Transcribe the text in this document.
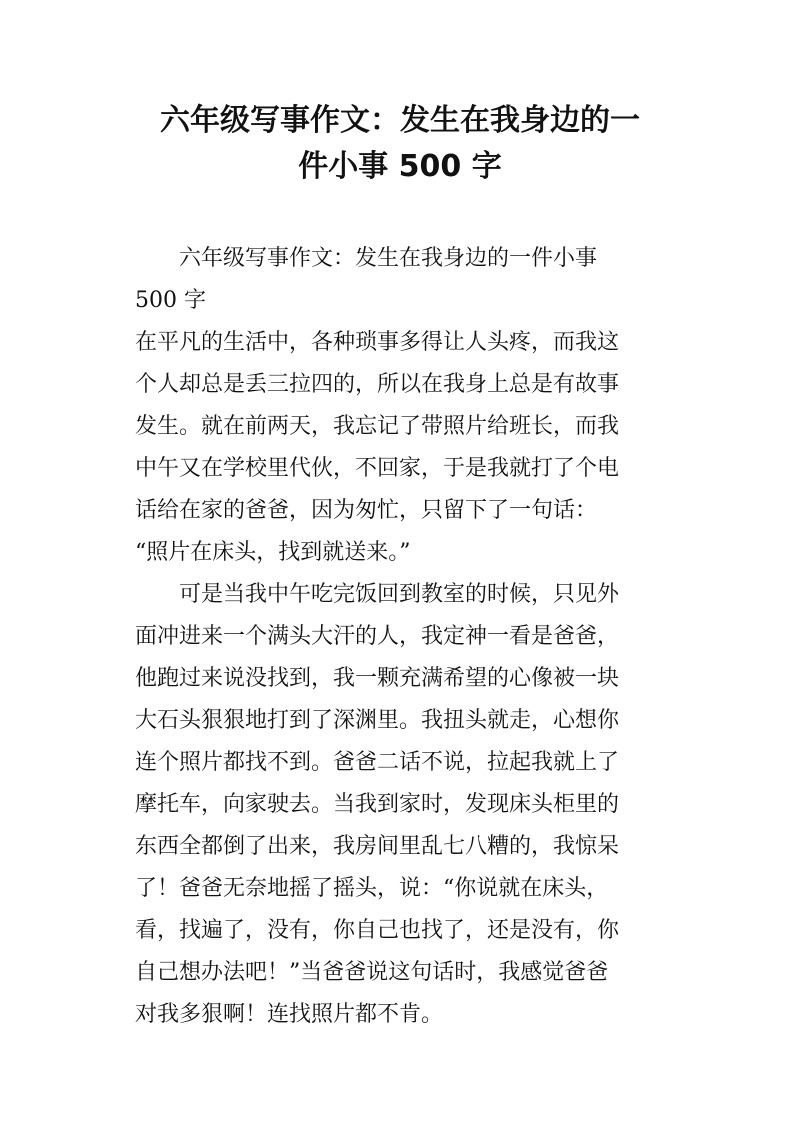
六年级写事作文：发生在我身边的一
件小事 500 字
六年级写事作文：发生在我身边的一件小事
500 字
在平凡的生活中，各种琐事多得让人头疼，而我这
个人却总是丢三拉四的，所以在我身上总是有故事
发生。就在前两天，我忘记了带照片给班长，而我
中午又在学校里代伙，不回家，于是我就打了个电
话给在家的爸爸，因为匆忙，只留下了一句话：
“照片在床头，找到就送来。”
可是当我中午吃完饭回到教室的时候，只见外
面冲进来一个满头大汗的人，我定神一看是爸爸，
他跑过来说没找到，我一颗充满希望的心像被一块
大石头狠狠地打到了深渊里。我扭头就走，心想你
连个照片都找不到。爸爸二话不说，拉起我就上了
摩托车，向家驶去。当我到家时，发现床头柜里的
东西全都倒了出来，我房间里乱七八糟的，我惊呆
了！爸爸无奈地摇了摇头，说：“你说就在床头，
看，找遍了，没有，你自己也找了，还是没有，你
自己想办法吧！”当爸爸说这句话时，我感觉爸爸
对我多狠啊！连找照片都不肯。
